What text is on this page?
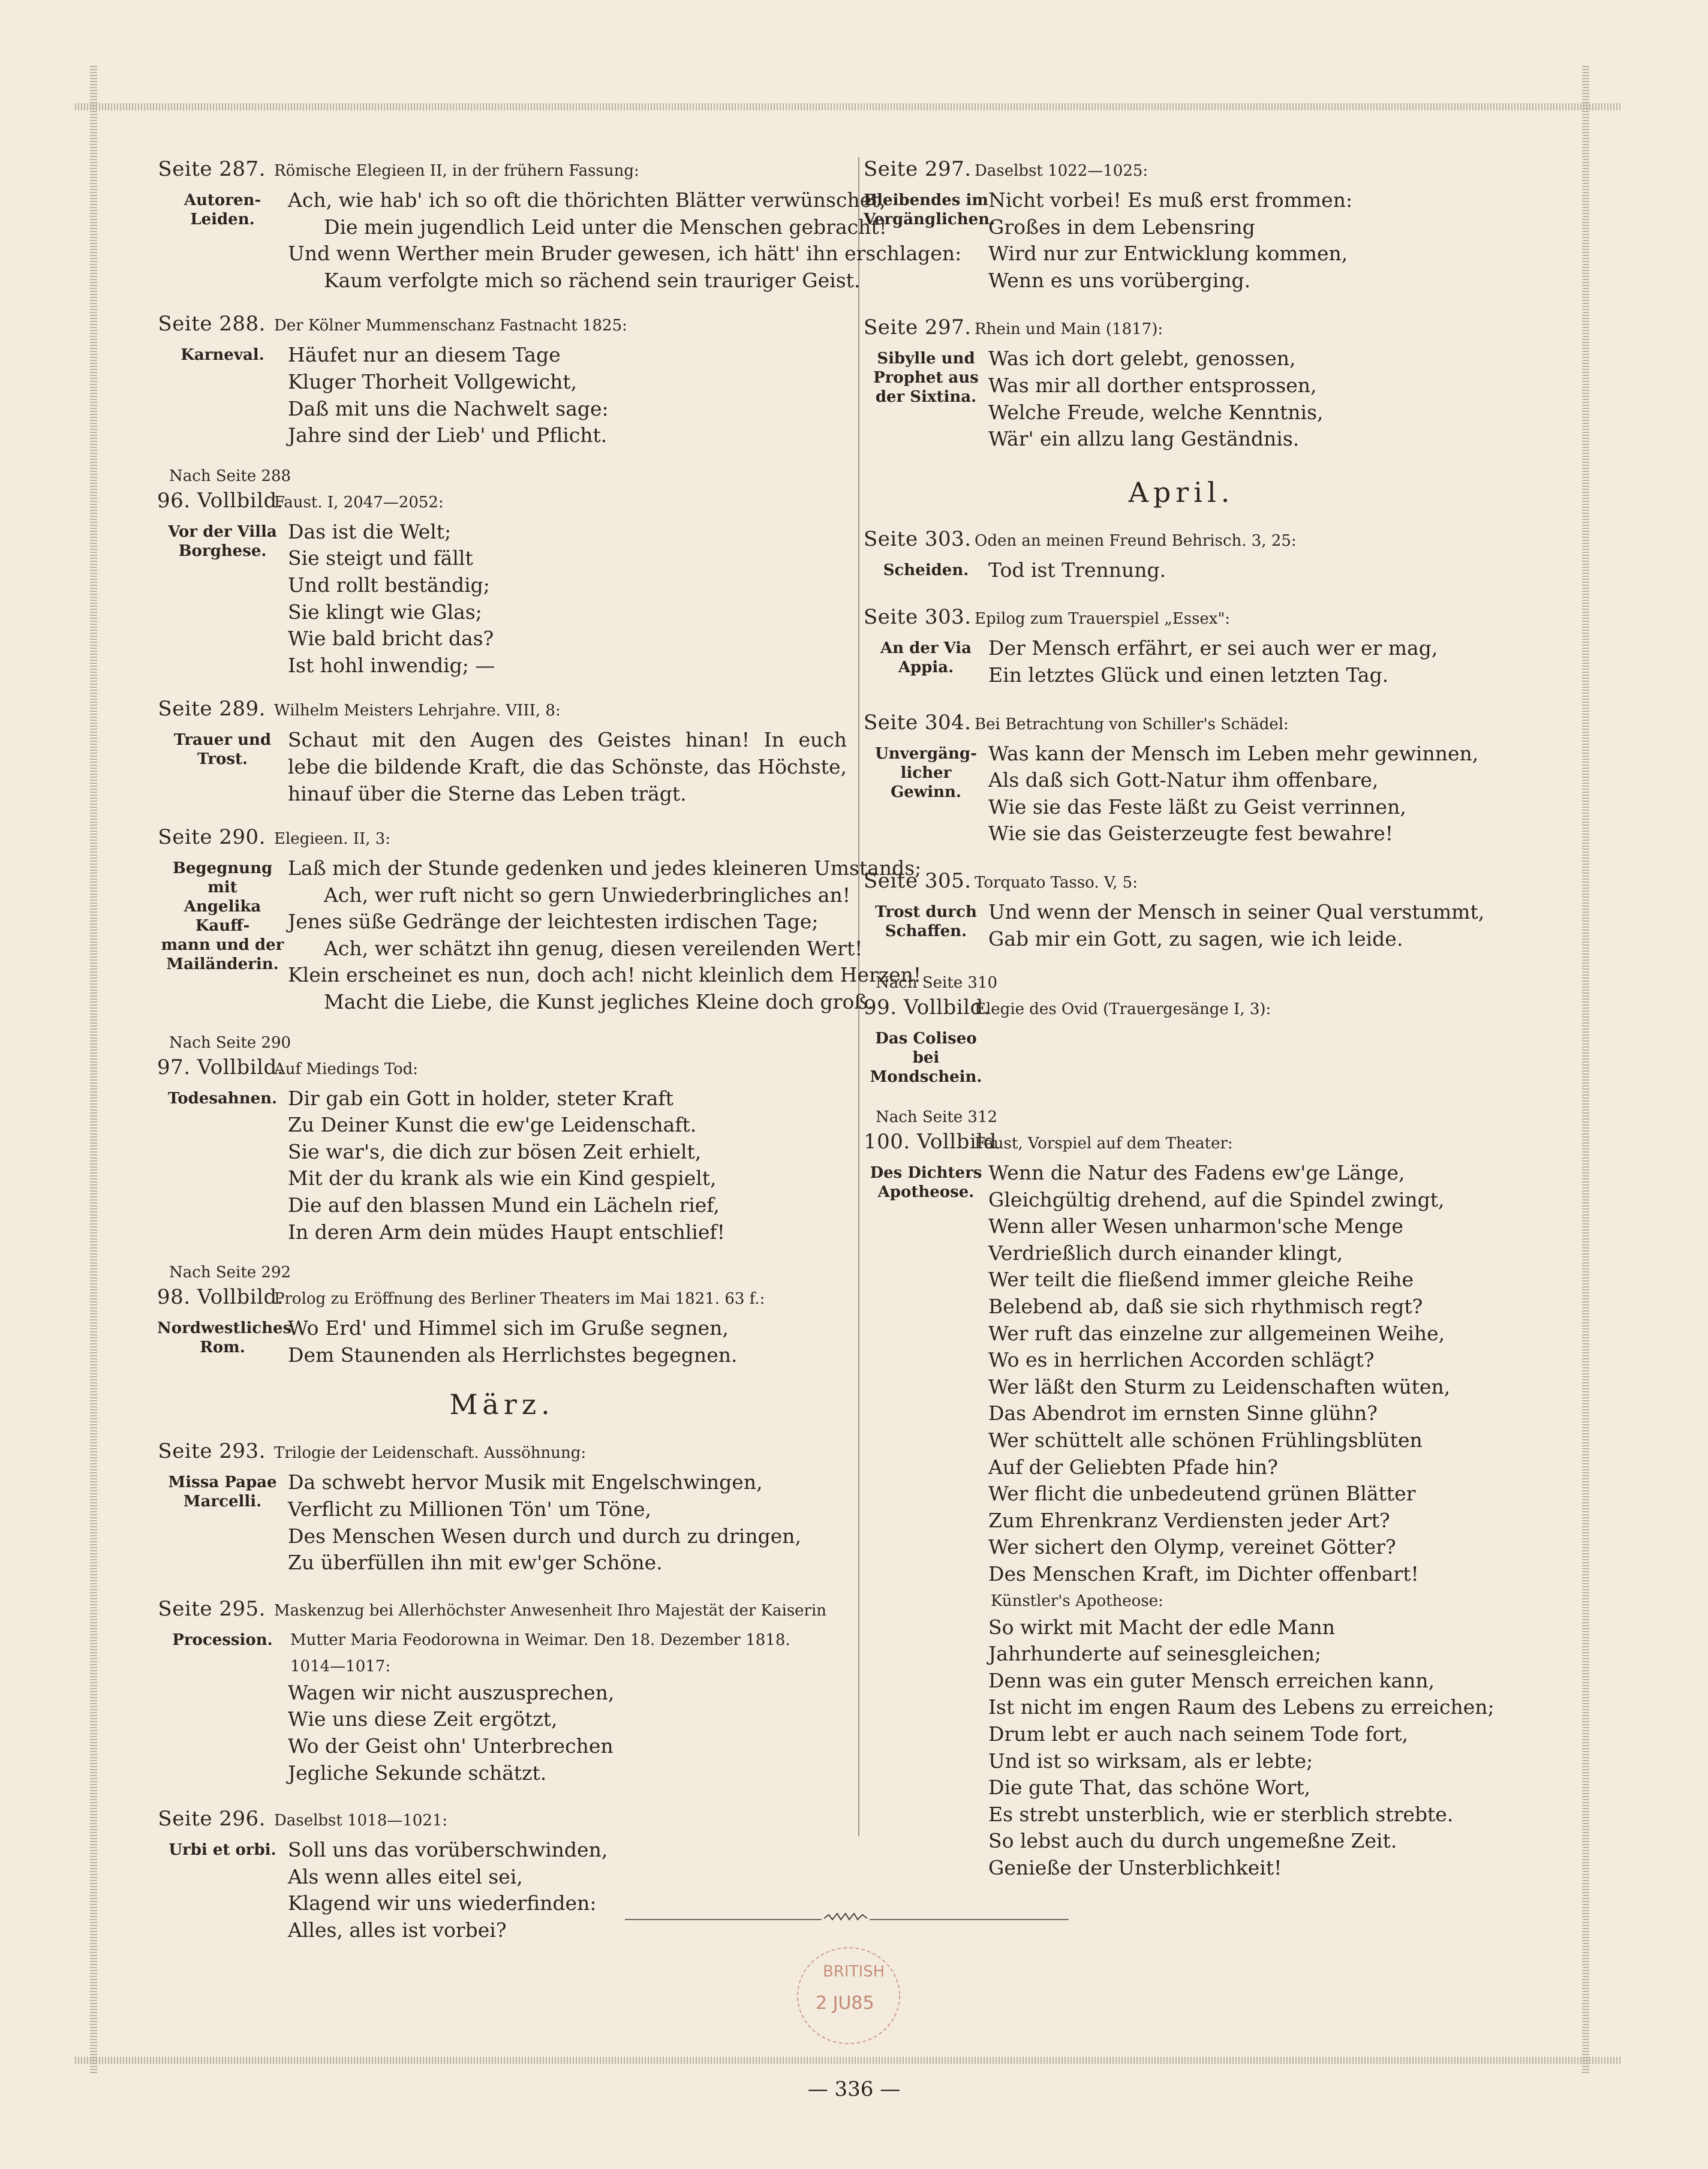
Seite 287. Römische Elegieen II, in der frühern Fassung:
Autoren-
Leiden.
Ach, wie hab' ich so oft die thörichten Blätter verwünschet,
Die mein jugendlich Leid unter die Menschen gebracht!
Und wenn Werther mein Bruder gewesen, ich hätt' ihn erschlagen:
Kaum verfolgte mich so rächend sein trauriger Geist.
Seite 288. Der Kölner Mummenschanz Fastnacht 1825:
Karneval.	Häufet nur an diesem Tage
Kluger Thorheit Vollgewicht,
Daß mit uns die Nachwelt sage:
Jahre sind der Lieb' und Pflicht.
Nach Seite 288
96. Vollbild.
Faust. I, 2047—2052:
Vor der Villa
Borghese.
Das ist die Welt;
Sie steigt und fällt
Und rollt beständig;
Sie klingt wie Glas;
Wie bald bricht das?
Ist hohl inwendig; —
Seite 289. Wilhelm Meisters Lehrjahre. VIII, 8:
Trauer und
Trost.
Schaut mit den Augen des Geistes hinan! In euch
lebe die bildende Kraft, die das Schönste, das Höchste,
hinauf über die Sterne das Leben trägt.
Seite 290. Elegieen. II, 3:
Begegnung mit
Angelika Kauff-
mann und der
Mailänderin.
Laß mich der Stunde gedenken und jedes kleineren Umstands;
Ach, wer ruft nicht so gern Unwiederbringliches an!
Jenes süße Gedränge der leichtesten irdischen Tage;
Ach, wer schätzt ihn genug, diesen vereilenden Wert!
Klein erscheinet es nun, doch ach! nicht kleinlich dem Herzen!
Macht die Liebe, die Kunst jegliches Kleine doch groß.
Nach Seite 290
97. Vollbild.
Auf Miedings Tod:
Todesahnen. Dir gab ein Gott in holder, steter Kraft
Zu Deiner Kunst die ew'ge Leidenschaft.
Sie war's, die dich zur bösen Zeit erhielt,
Mit der du krank als wie ein Kind gespielt,
Die auf den blassen Mund ein Lächeln rief,
In deren Arm dein müdes Haupt entschlief!
Nach Seite 292
98. Vollbild.
Prolog zu Eröffnung des Berliner Theaters im Mai 1821. 63 f.:
Nordwestliches
Rom.
Wo Erd' und Himmel sich im Gruße segnen,
Dem Staunenden als Herrlichstes begegnen.
März.
Seite 293. Trilogie der Leidenschaft. Aussöhnung:
Missa Papae
Marcelli.
Da schwebt hervor Musik mit Engelschwingen,
Verflicht zu Millionen Tön' um Töne,
Des Menschen Wesen durch und durch zu dringen,
Zu überfüllen ihn mit ew'ger Schöne.
Seite 295. Maskenzug bei Allerhöchster Anwesenheit Ihro Majestät der Kaiserin
Procession.	Mutter Maria Feodorowna in Weimar. Den 18. Dezember 1818.
1014—1017:
Wagen wir nicht auszusprechen,
Wie uns diese Zeit ergötzt,
Wo der Geist ohn' Unterbrechen
Jegliche Sekunde schätzt.
Seite 296. Daselbst 1018—1021:
Urbi et orbi. Soll uns das vorüberschwinden,
Als wenn alles eitel sei,
Klagend wir uns wiederfinden:
Alles, alles ist vorbei?
Seite 297. Daselbst 1022—1025:
Bleibendes im
Vergänglichen.
Nicht vorbei! Es muß erst frommen:
Großes in dem Lebensring
Wird nur zur Entwicklung kommen,
Wenn es uns vorüberging.
Seite 297. Rhein und Main (1817):
Sibylle und
Prophet aus
der Sixtina.
Was ich dort gelebt, genossen,
Was mir all dorther entsprossen,
Welche Freude, welche Kenntnis,
Wär' ein allzu lang Geständnis.
April.
Seite 303. Oden an meinen Freund Behrisch. 3, 25:
Scheiden. Tod ist Trennung.
Seite 303. Epilog zum Trauerspiel „Essex":
An der Via
Appia.
Der Mensch erfährt, er sei auch wer er mag,
Ein letztes Glück und einen letzten Tag.
Seite 304. Bei Betrachtung von Schiller's Schädel:
Unvergäng-
licher Gewinn.
Was kann der Mensch im Leben mehr gewinnen,
Als daß sich Gott-Natur ihm offenbare,
Wie sie das Feste läßt zu Geist verrinnen,
Wie sie das Geisterzeugte fest bewahre!
Seite 305. Torquato Tasso. V, 5:
Trost durch
Schaffen.
Und wenn der Mensch in seiner Qual verstummt,
Gab mir ein Gott, zu sagen, wie ich leide.
Nach Seite 310
99. Vollbild.
Elegie des Ovid (Trauergesänge I, 3):
Das Coliseo
bei Mondschein.
Nach Seite 312
100. Vollbild
Faust, Vorspiel auf dem Theater:
Des Dichters
Apotheose.
Wenn die Natur des Fadens ew'ge Länge,
Gleichgültig drehend, auf die Spindel zwingt,
Wenn aller Wesen unharmon'sche Menge
Verdrießlich durch einander klingt,
Wer teilt die fließend immer gleiche Reihe
Belebend ab, daß sie sich rhythmisch regt?
Wer ruft das einzelne zur allgemeinen Weihe,
Wo es in herrlichen Accorden schlägt?
Wer läßt den Sturm zu Leidenschaften wüten,
Das Abendrot im ernsten Sinne glühn?
Wer schüttelt alle schönen Frühlingsblüten
Auf der Geliebten Pfade hin?
Wer flicht die unbedeutend grünen Blätter
Zum Ehrenkranz Verdiensten jeder Art?
Wer sichert den Olymp, vereinet Götter?
Des Menschen Kraft, im Dichter offenbart!
Künstler's Apotheose:
So wirkt mit Macht der edle Mann
Jahrhunderte auf seinesgleichen;
Denn was ein guter Mensch erreichen kann,
Ist nicht im engen Raum des Lebens zu erreichen;
Drum lebt er auch nach seinem Tode fort,
Und ist so wirksam, als er lebte;
Die gute That, das schöne Wort,
Es strebt unsterblich, wie er sterblich strebte.
So lebst auch du durch ungemeßne Zeit.
Genieße der Unsterblichkeit!
BRITISH
2 JU85
— 336 —
